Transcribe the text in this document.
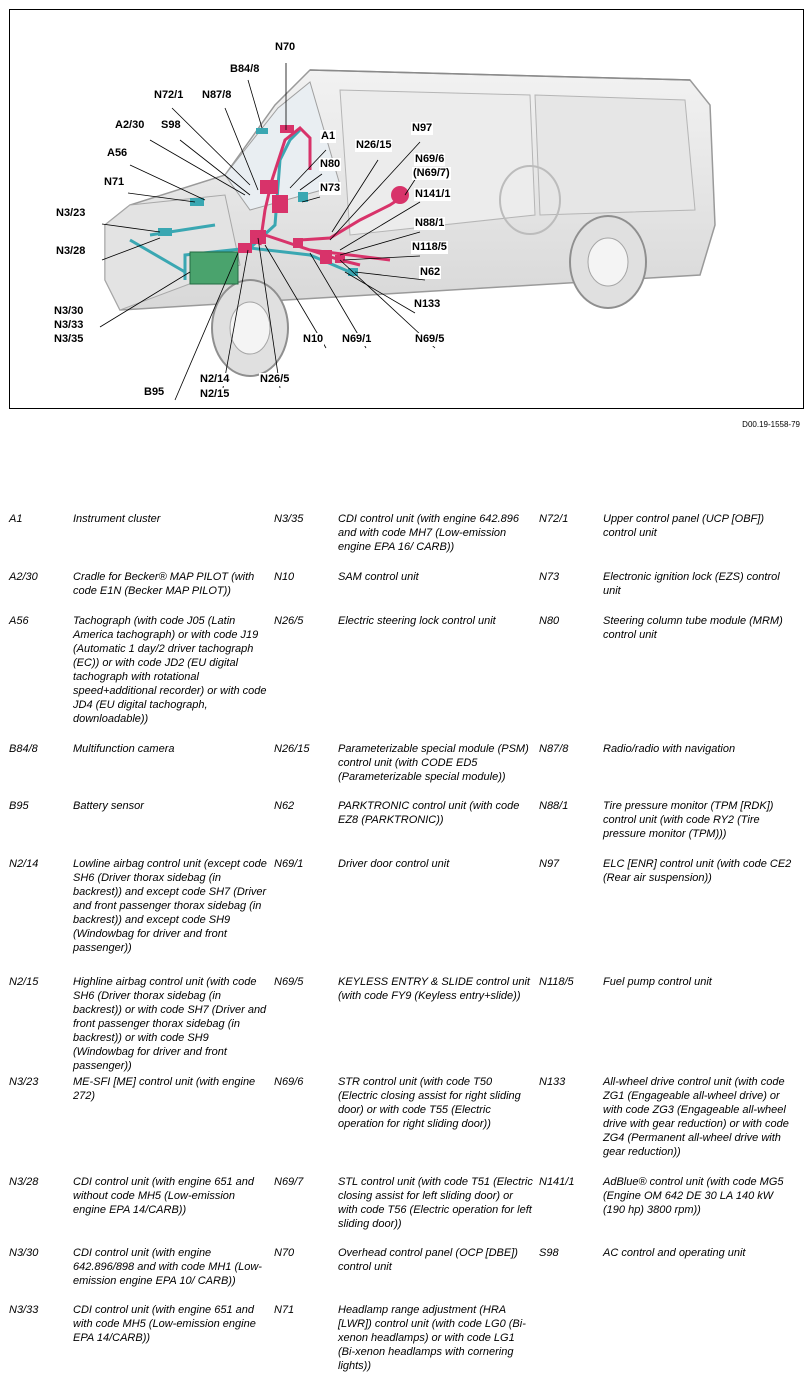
N70
B84/8
N72/1 N87/8
A2/30 S98
A1
N97
N26/15
A56
N80	N69/6
(N69/7)
N71	N73	N141/1
N3/23
N88/1
N3/28	N118/5
N62
N133
N3/30
N3/33
N3/35	N10 N69/1	N69/5
N2/14
N2/15
N26/5
B95
D00.19-1558-79
A1	Instrument cluster	N3/35	CDI control unit (with engine 642.896 and with code MH7 (Low-emission engine EPA 16/ CARB))	N72/1	Upper control panel (UCP [OBF]) control unit
A2/30	Cradle for Becker® MAP PILOT (with code E1N (Becker MAP PILOT))	N10	SAM control unit	N73	Electronic ignition lock (EZS) control unit
A56	Tachograph (with code J05 (Latin America tachograph) or with code J19 (Automatic 1 day/2 driver tachograph (EC)) or with code JD2 (EU digital tachograph with rotational speed+additional recorder) or with code JD4 (EU digital tachograph, downloadable))	N26/5	Electric steering lock control unit	N80	Steering column tube module (MRM) control unit
B84/8	Multifunction camera	N26/15	Parameterizable special module (PSM) control unit (with CODE ED5 (Parameterizable special module))	N87/8	Radio/radio with navigation
B95	Battery sensor	N62	PARKTRONIC control unit (with code EZ8 (PARKTRONIC))	N88/1	Tire pressure monitor (TPM [RDK]) control unit (with code RY2 (Tire pressure monitor (TPM)))
N2/14	Lowline airbag control unit (except code SH6 (Driver thorax sidebag (in backrest)) and except code SH7 (Driver and front passenger thorax sidebag (in backrest)) and except code SH9 (Windowbag for driver and front passenger))	N69/1	Driver door control unit	N97	ELC [ENR] control unit (with code CE2 (Rear air suspension))
N2/15	Highline airbag control unit (with code SH6 (Driver thorax sidebag (in backrest)) or with code SH7 (Driver and front passenger thorax sidebag (in backrest)) or with code SH9 (Windowbag for driver and front passenger))	N69/5	KEYLESS ENTRY & SLIDE control unit (with code FY9 (Keyless entry+slide))	N118/5	Fuel pump control unit
N3/23	ME-SFI [ME] control unit (with engine 272)	N69/6	STR control unit (with code T50 (Electric closing assist for right sliding door) or with code T55 (Electric operation for right sliding door))	N133	All-wheel drive control unit (with code ZG1 (Engageable all-wheel drive) or with code ZG3 (Engageable all-wheel drive with gear reduction) or with code ZG4 (Permanent all-wheel drive with gear reduction))
N3/28	CDI control unit (with engine 651 and without code MH5 (Low-emission engine EPA 14/CARB))	N69/7	STL control unit (with code T51 (Electric closing assist for left sliding door) or with code T56 (Electric operation for left sliding door))	N141/1	AdBlue® control unit (with code MG5 (Engine OM 642 DE 30 LA 140 kW (190 hp) 3800 rpm))
N3/30	CDI control unit (with engine 642.896/898 and with code MH1 (Low-emission engine EPA 10/ CARB))	N70	Overhead control panel (OCP [DBE]) control unit	S98	AC control and operating unit
N3/33	CDI control unit (with engine 651 and with code MH5 (Low-emission engine EPA 14/CARB))	N71	Headlamp range adjustment (HRA [LWR]) control unit (with code LG0 (Bi-xenon headlamps) or with code LG1 (Bi-xenon headlamps with cornering lights))		
